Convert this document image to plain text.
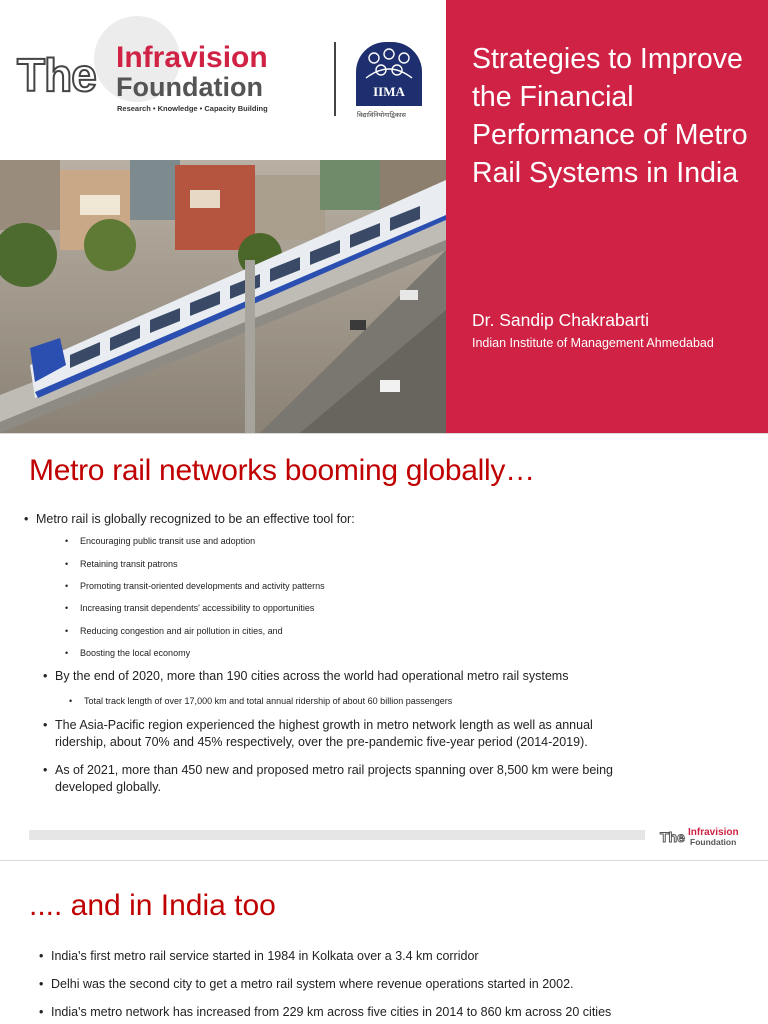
The Infravision
Foundation
Research • Knowledge • Capacity Building
IIMA
विद्याविनियोगाद्विकास
Strategies to Improve the Financial Performance of Metro Rail Systems in India
Dr. Sandip Chakrabarti
Indian Institute of Management Ahmedabad
Metro rail networks booming globally…
• Metro rail is globally recognized to be an effective tool for:
• Encouraging public transit use and adoption
• Retaining transit patrons
• Promoting transit-oriented developments and activity patterns
• Increasing transit dependents' accessibility to opportunities
• Reducing congestion and air pollution in cities, and
• Boosting the local economy
• By the end of 2020, more than 190 cities across the world had operational metro rail systems
• Total track length of over 17,000 km and total annual ridership of about 60 billion passengers
• The Asia-Pacific region experienced the highest growth in metro network length as well as annual ridership, about 70% and 45% respectively, over the pre-pandemic five-year period (2014-2019).
• As of 2021, more than 450 new and proposed metro rail projects spanning over 8,500 km were being developed globally.
The Infravision
Foundation
.... and in India too
• India's first metro rail service started in 1984 in Kolkata over a 3.4 km corridor
• Delhi was the second city to get a metro rail system where revenue operations started in 2002.
• India's metro network has increased from 229 km across five cities in 2014 to 860 km across 20 cities
